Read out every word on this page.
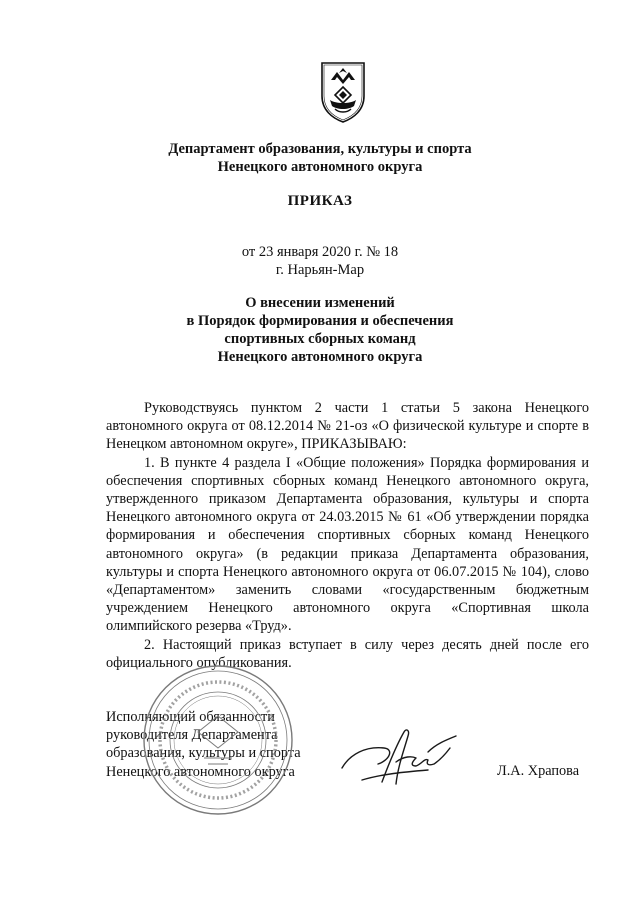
Департамент образования, культуры и спорта
Ненецкого автономного округа
ПРИКАЗ
от 23 января 2020 г. № 18
г. Нарьян-Мар
О внесении изменений
в Порядок формирования и обеспечения
спортивных сборных команд
Ненецкого автономного округа

Руководствуясь пунктом 2 части 1 статьи 5 закона Ненецкого автономного округа от 08.12.2014 № 21-оз «О физической культуре и спорте в Ненецком автономном округе», ПРИКАЗЫВАЮ:

1. В пункте 4 раздела I «Общие положения» Порядка формирования и обеспечения спортивных сборных команд Ненецкого автономного округа, утвержденного приказом Департамента образования, культуры и спорта Ненецкого автономного округа от 24.03.2015 № 61 «Об утверждении порядка формирования и обеспечения спортивных сборных команд Ненецкого автономного округа» (в редакции приказа Департамента образования, культуры и спорта Ненецкого автономного округа от 06.07.2015 № 104), слово «Департаментом» заменить словами «государственным бюджетным учреждением Ненецкого автономного округа «Спортивная школа олимпийского резерва «Труд».

2. Настоящий приказ вступает в силу через десять дней после его официального опубликования.

Исполняющий обязанности
руководителя Департамента
образования, культуры и спорта
Ненецкого автономного округа	Л.А. Храпова
